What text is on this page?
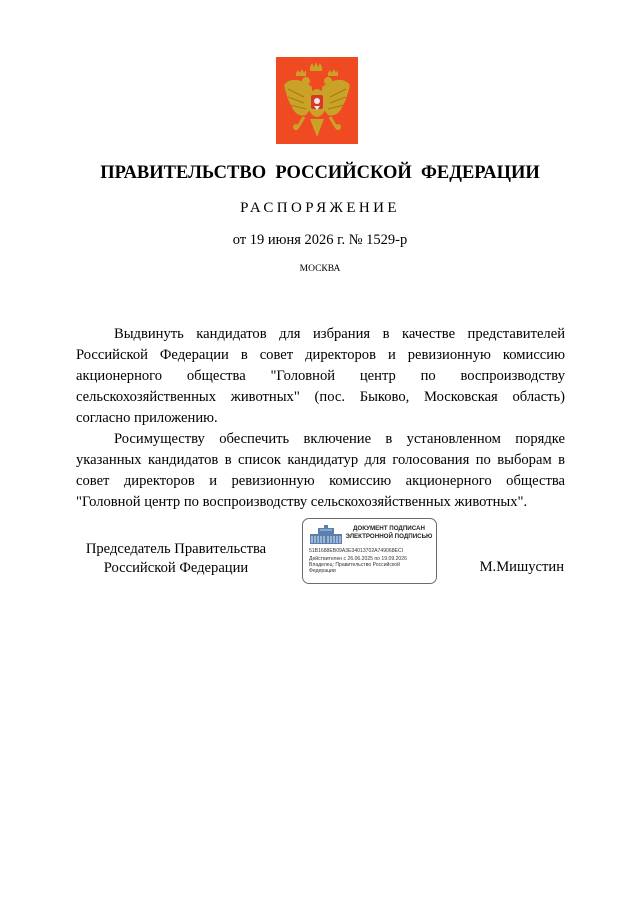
ПРАВИТЕЛЬСТВО  РОССИЙСКОЙ  ФЕДЕРАЦИИ
РАСПОРЯЖЕНИЕ
от 19 июня 2026 г. № 1529-р
МОСКВА

Выдвинуть кандидатов для избрания в качестве представителей Российской Федерации в совет директоров и ревизионную комиссию акционерного общества "Головной центр по воспроизводству сельскохозяйственных животных" (пос. Быково, Московская область) согласно приложению.

Росимуществу обеспечить включение в установленном порядке указанных кандидатов в список кандидатур для голосования по выборам в совет директоров и ревизионную комиссию акционерного общества "Головной центр по воспроизводству сельскохозяйственных животных".

Председатель Правительства
Российской Федерации
ДОКУМЕНТ ПОДПИСАН
ЭЛЕКТРОННОЙ ПОДПИСЬЮ
51B1688EB09A3E34013702A749068ECI
Действителен с 26.06.2025 по 19.09.2026
Владелец: Правительство Российской
Федерации	М.Мишустин
